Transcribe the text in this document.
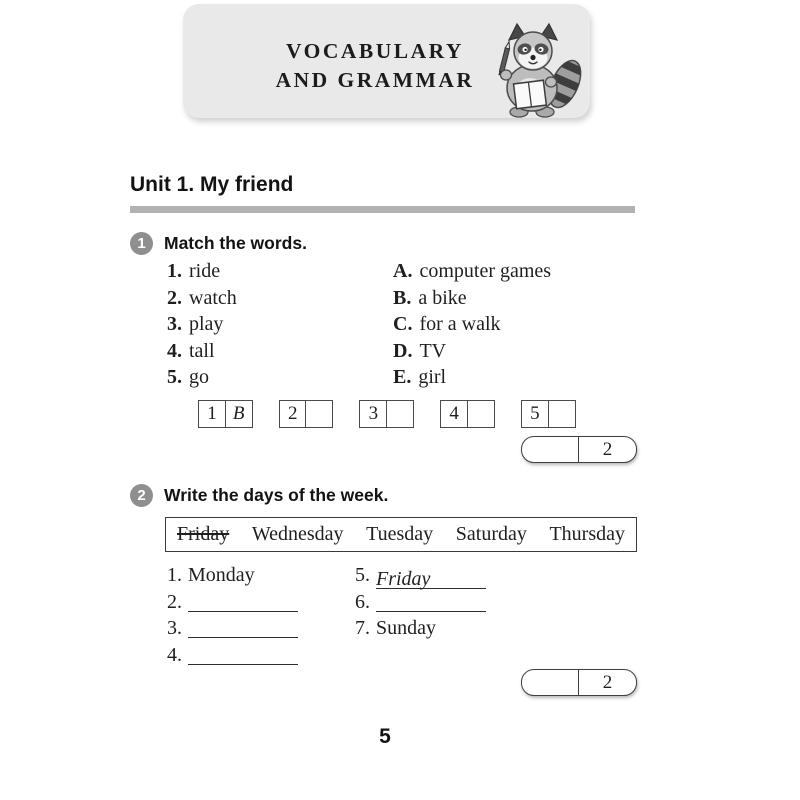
VOCABULARY
AND GRAMMAR
Unit 1. My friend
1	Match the words.
1. ride
2. watch
3. play
4. tall
5. go
A. computer games
B. a bike
C. for a walk
D. TV
E. girl
1 B	2	3	4	5
2
2	Write the days of the week.
Friday Wednesday Tuesday Saturday Thursday
1. Monday
2.
3.
4.
5. Friday
6.
7. Sunday
2
5
